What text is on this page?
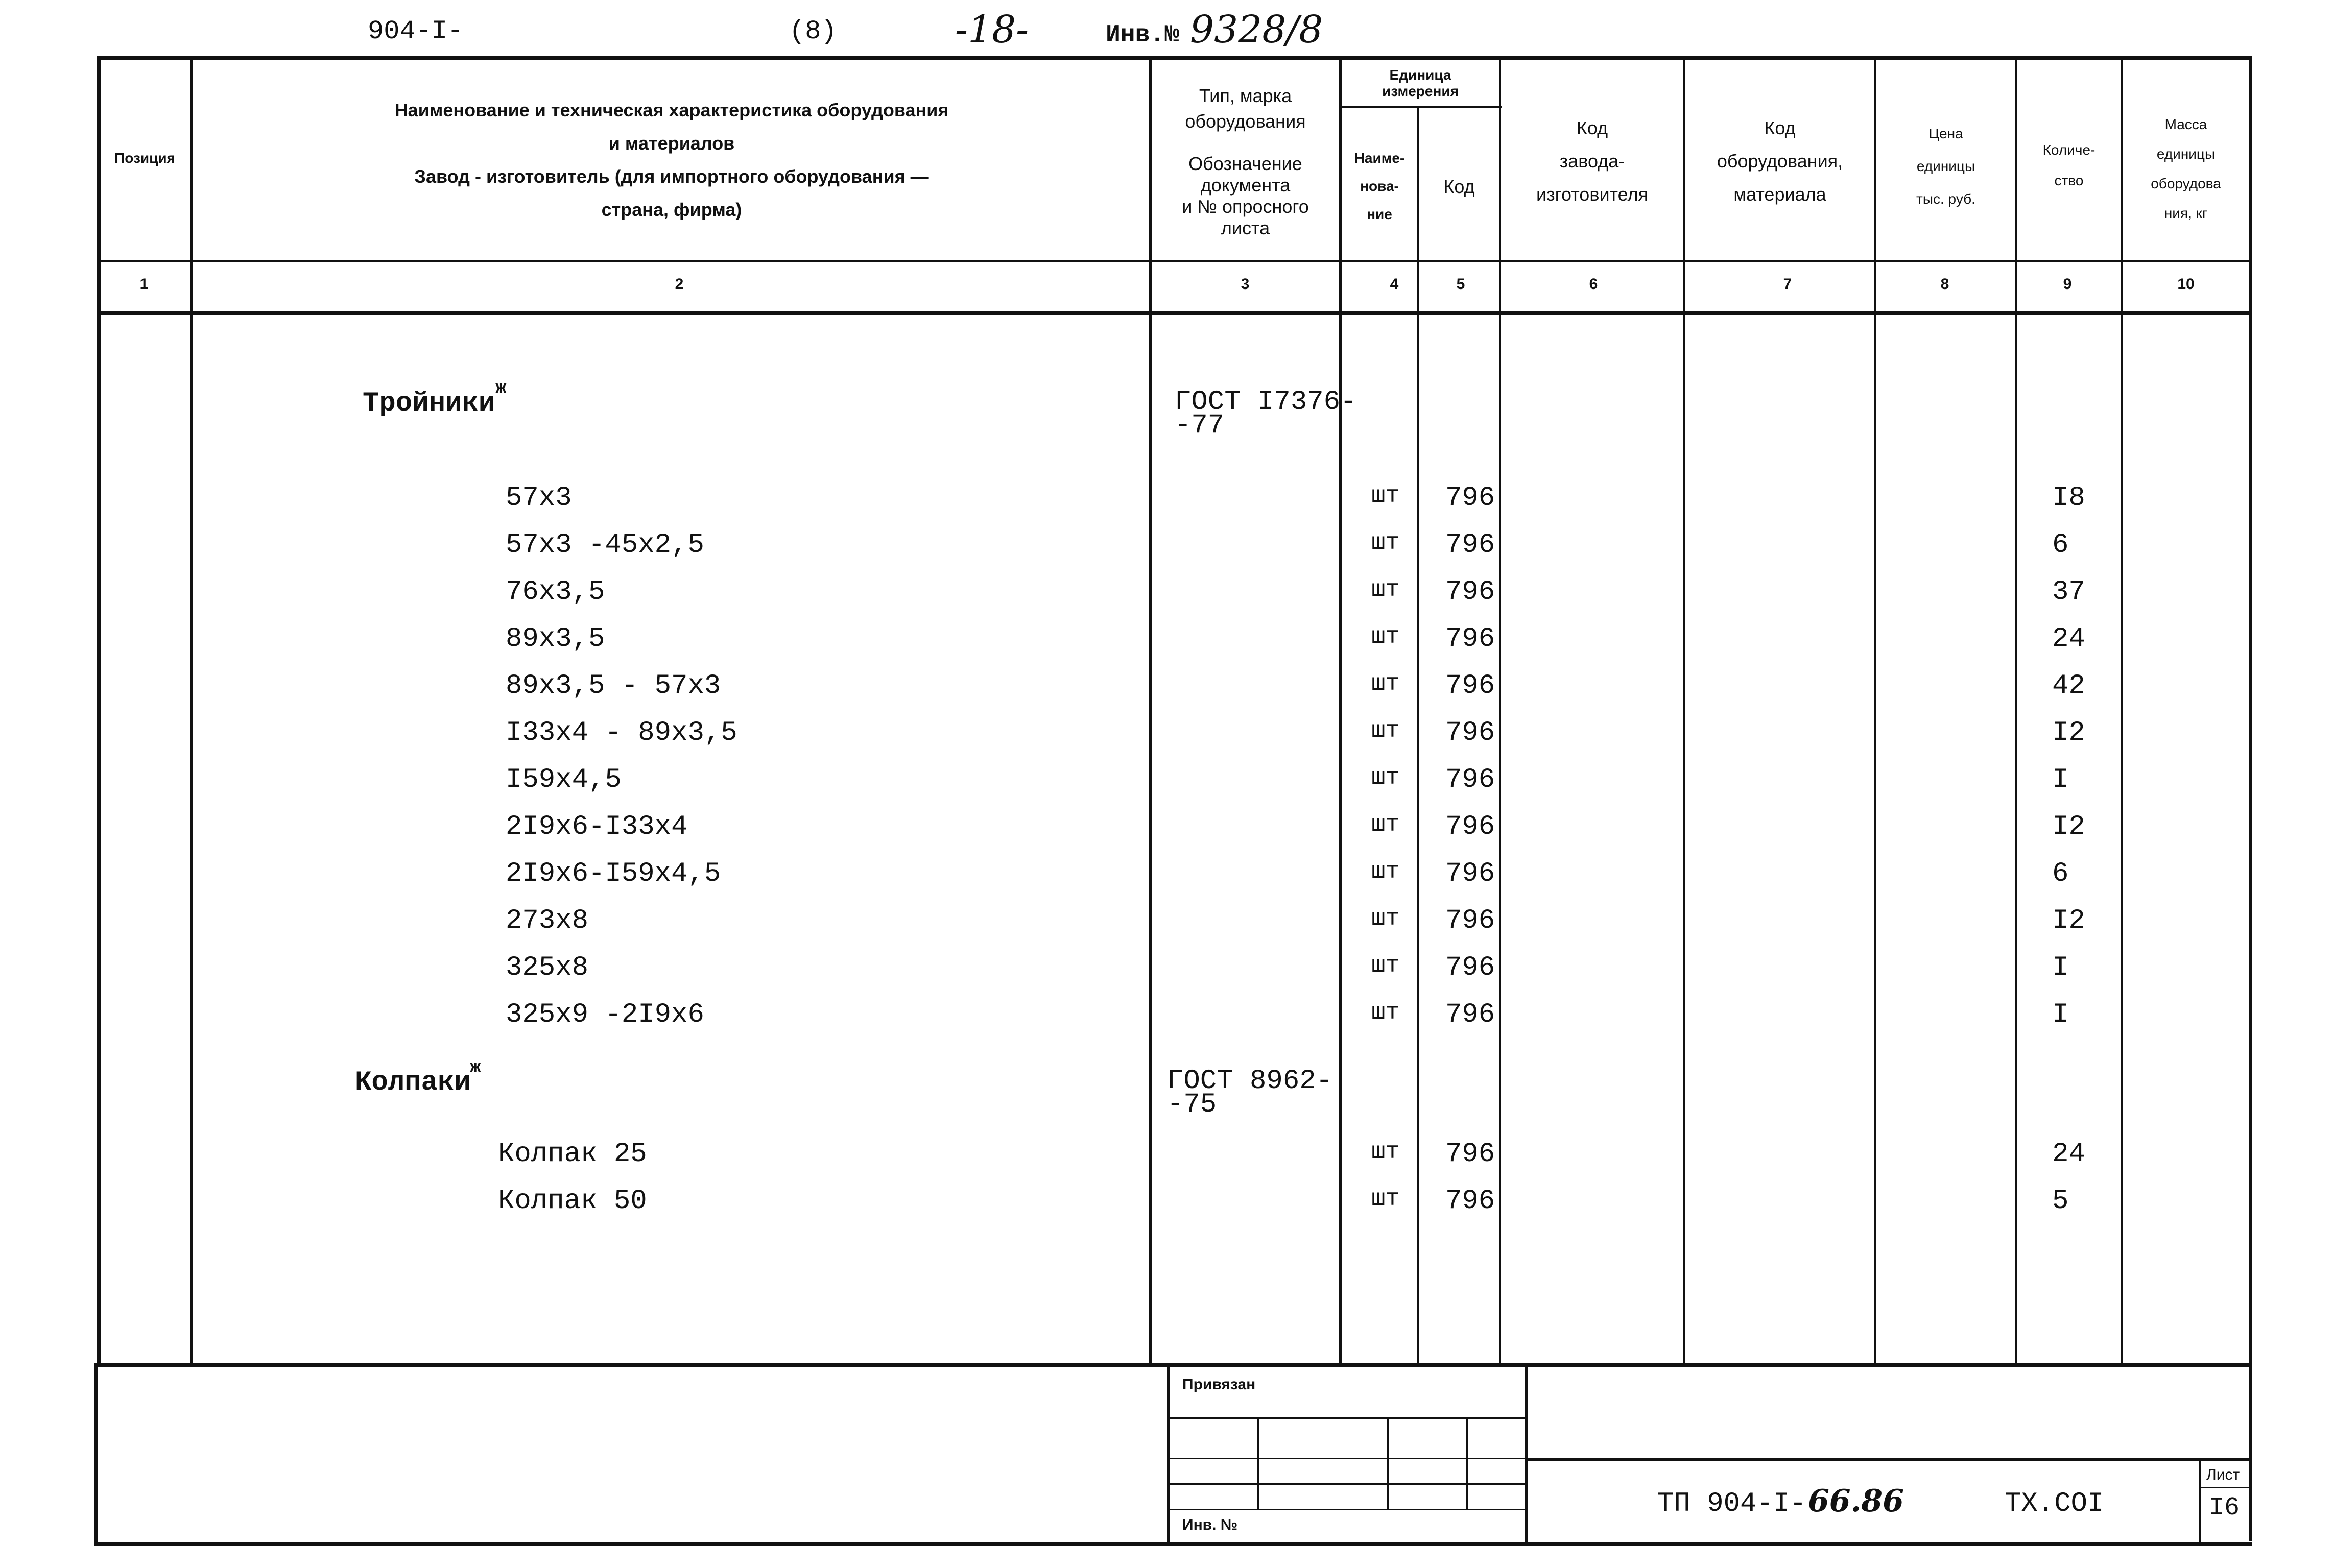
904-I-	(8)	-18-	Инв.№ 9328/8
Позиция
Наименование и техническая характеристика оборудования
и материалов
Завод - изготовитель (для импортного оборудования —
страна, фирма)
Тип, марка
оборудования
Обозначение
документа
и № опросного
листа
Единица
измерения
Наиме-
нова-
ние
Код
Код
завода-
изготовителя
Код
оборудования,
материала
Цена
единицы
тыс. руб.
Количе-
ство
Масса
единицы
оборудова
ния, кг
1	2	3	4	5	6	7	8	9	10
Тройники ж	ГОСТ I7376-
-77
57x3	шт 796	I8
57x3 -45x2,5	шт 796	6
76x3,5	шт 796	37
89x3,5	шт 796	24
89x3,5 - 57x3	шт 796	42
I33x4 - 89x3,5	шт 796	I2
I59x4,5	шт 796	I
2I9x6-I33x4	шт 796	I2
2I9x6-I59x4,5	шт 796	6
273x8	шт 796	I2
325x8	шт 796	I
325x9 -2I9x6	шт 796	I
Колпаки
ж	ГОСТ 8962-
-75
Колпак 25	шт 796	24
Колпак 50	шт 796	5
Привязан
Инв. №
ТП 904-I- 66.86	ТХ.СОI
Лист
I6
